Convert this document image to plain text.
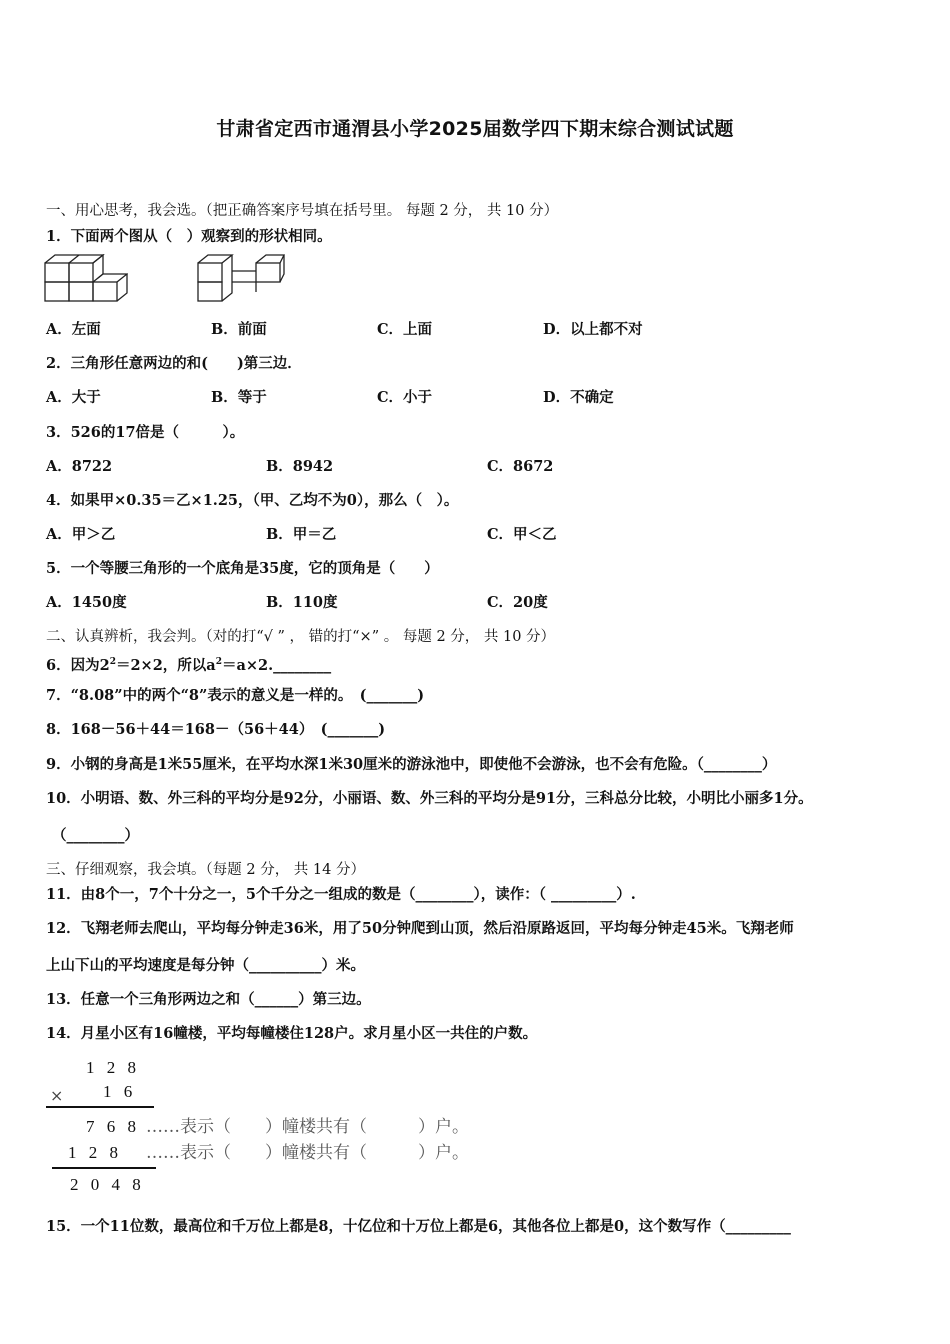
甘肃省定西市通渭县小学2025届数学四下期末综合测试试题
一、用心思考，我会选。（把正确答案序号填在括号里。 每题 2 分， 共 10 分）
1．下面两个图从（　）观察到的形状相同。
A．左面	B．前面	C．上面	D．以上都不对
2．三角形任意两边的和(　　)第三边．
A．大于	B．等于	C．小于	D．不确定
3．526的17倍是（　　　）。
A．8722	B．8942	C．8672
4．如果甲×0.35＝乙×1.25，（甲、乙均不为0），那么（　）。
A．甲＞乙	B．甲＝乙	C．甲＜乙
5．一个等腰三角形的一个底角是35度，它的顶角是（　　）
A．1450度	B．110度	C．20度
二、认真辨析，我会判。（对的打“√ ” ， 错的打“×” 。 每题 2 分， 共 10 分）
6．因为$2^2=2\times 2$，所以$a^2=a\times 2.\_\_\_\_\_\_\_\_$
7．“8.08”中的两个“8”表示的意义是一样的。　(_______)
8．168－56＋44＝168－（56＋44）　(_______)
9．小钢的身高是1米55厘米，在平均水深1米30厘米的游泳池中，即使他不会游泳，也不会有危险。（________）
10．小明语、数、外三科的平均分是92分，小丽语、数、外三科的平均分是91分，三科总分比较，小明比小丽多1分。
（________）
三、仔细观察，我会填。（每题 2 分， 共 14 分）
11．由8个一，7个十分之一，5个千分之一组成的数是（________），读作：（ _________）.
12．飞翔老师去爬山，平均每分钟走36米，用了50分钟爬到山顶，然后沿原路返回，平均每分钟走45米。飞翔老师
上山下山的平均速度是每分钟（__________）米。
13．任意一个三角形两边之和（______）第三边。
14．月星小区有16幢楼，平均每幢楼住128户。求月星小区一共住的户数。
1 2 8
× 1 6
7 6 8 ……表示（　　）幢楼共有（　　　）户。
1 2 8 ……表示（　　）幢楼共有（　　　）户。
2 0 4 8
15．一个11位数，最高位和千万位上都是8，十亿位和十万位上都是6，其他各位上都是0，这个数写作（_________
